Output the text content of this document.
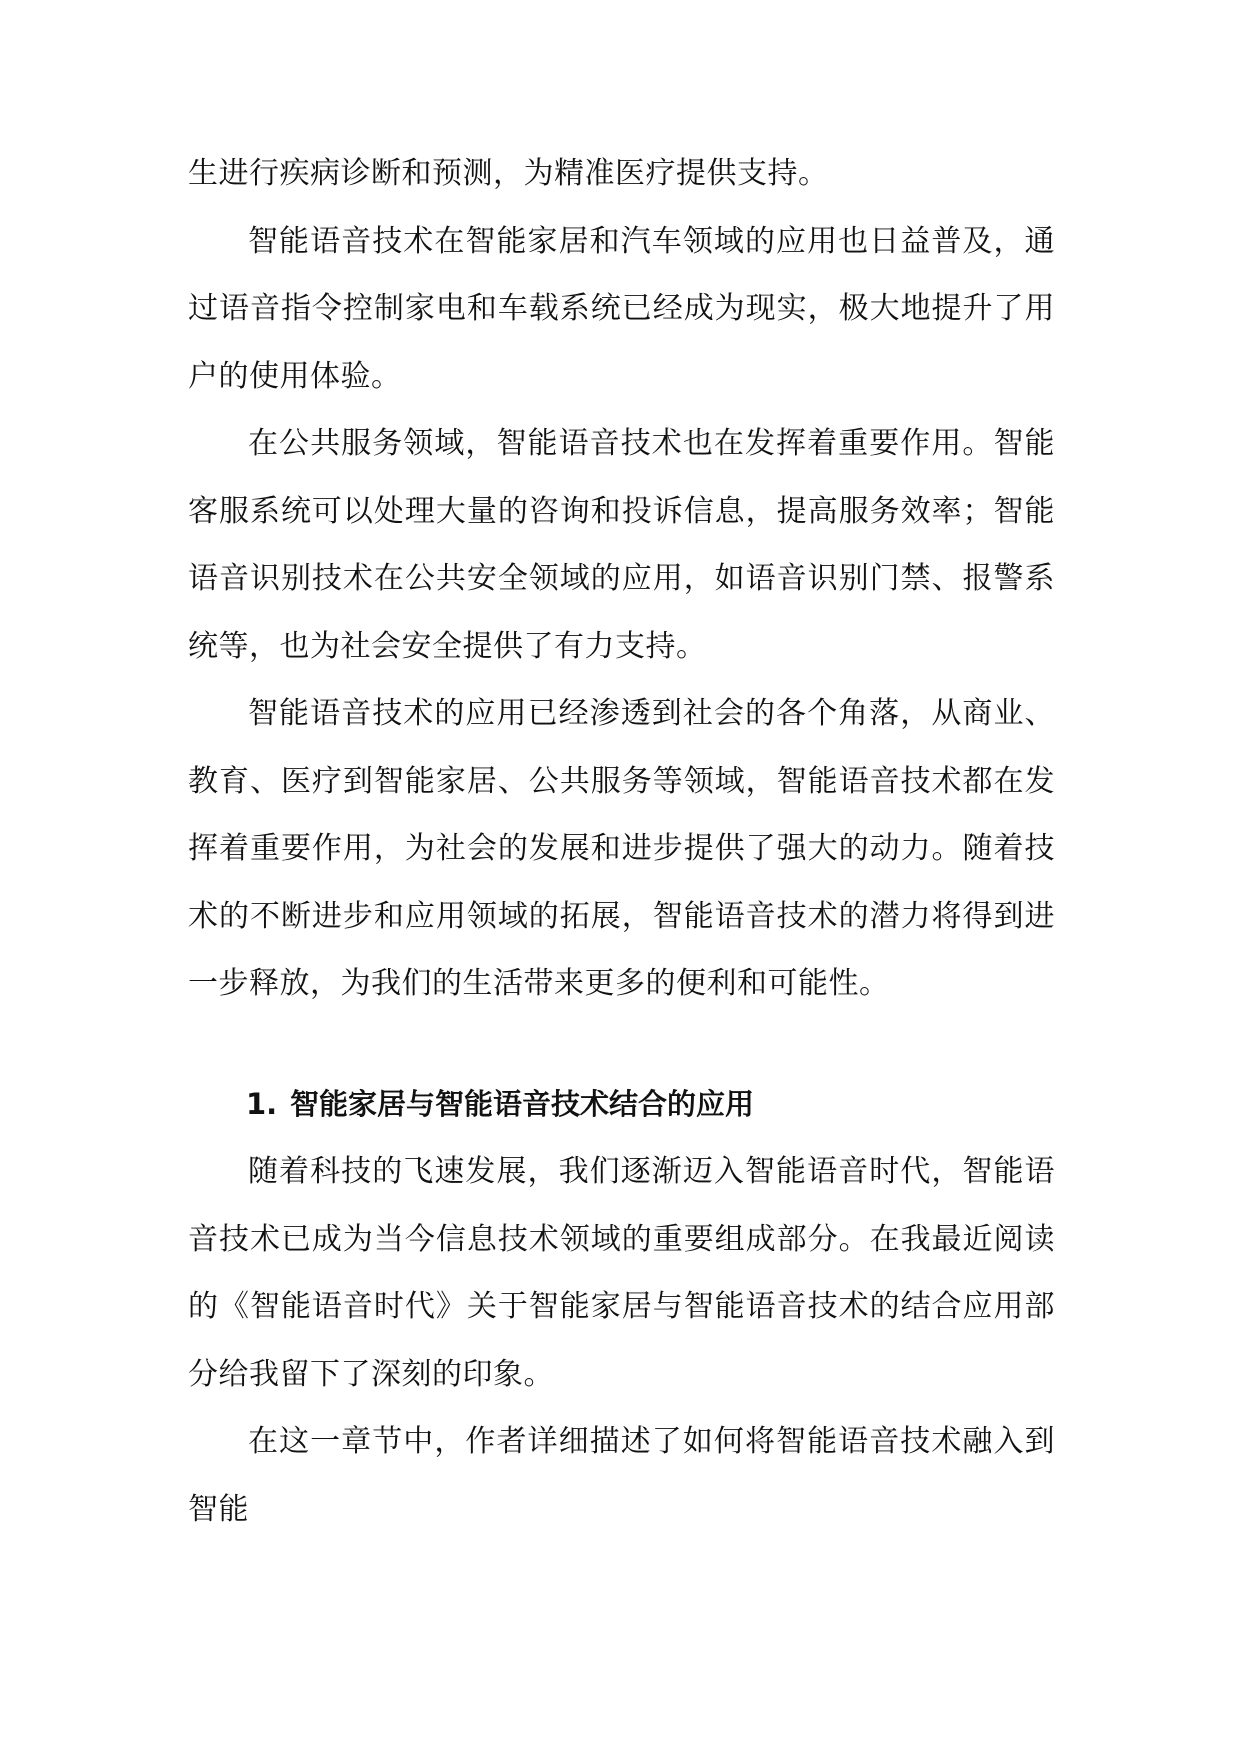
生进行疾病诊断和预测，为精准医疗提供支持。

智能语音技术在智能家居和汽车领域的应用也日益普及，通过语音指令控制家电和车载系统已经成为现实，极大地提升了用户的使用体验。

在公共服务领域，智能语音技术也在发挥着重要作用。智能客服系统可以处理大量的咨询和投诉信息，提高服务效率；智能语音识别技术在公共安全领域的应用，如语音识别门禁、报警系统等，也为社会安全提供了有力支持。

智能语音技术的应用已经渗透到社会的各个角落，从商业、教育、医疗到智能家居、公共服务等领域，智能语音技术都在发挥着重要作用，为社会的发展和进步提供了强大的动力。随着技术的不断进步和应用领域的拓展，智能语音技术的潜力将得到进一步释放，为我们的生活带来更多的便利和可能性。

1. 智能家居与智能语音技术结合的应用

随着科技的飞速发展，我们逐渐迈入智能语音时代，智能语音技术已成为当今信息技术领域的重要组成部分。在我最近阅读的《智能语音时代》关于智能家居与智能语音技术的结合应用部分给我留下了深刻的印象。

在这一章节中，作者详细描述了如何将智能语音技术融入到智能
